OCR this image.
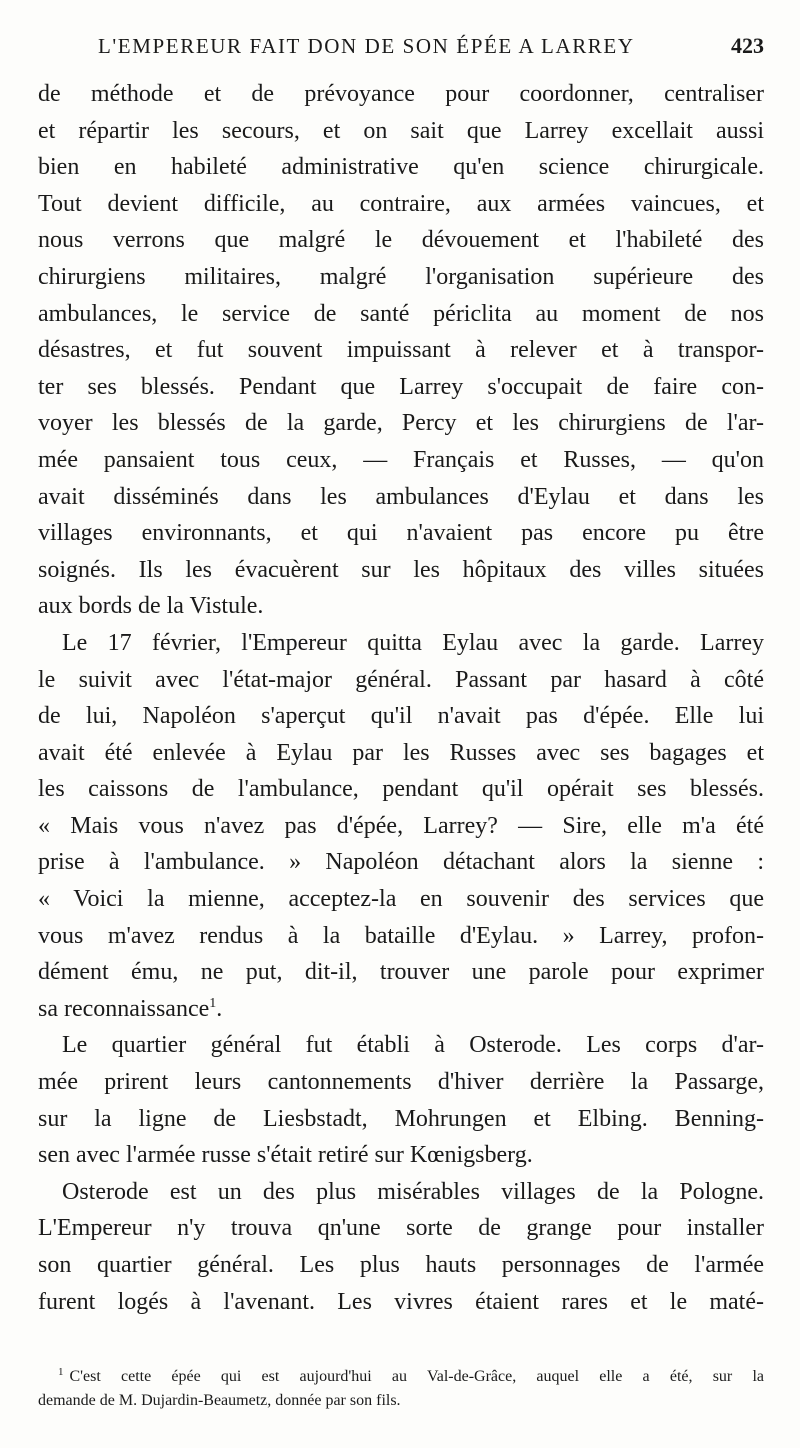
L'EMPEREUR FAIT DON DE SON ÉPÉE A LARREY	423
de méthode et de prévoyance pour coordonner, centraliser
et répartir les secours, et on sait que Larrey excellait aussi
bien en habileté administrative qu'en science chirurgicale.
Tout devient difficile, au contraire, aux armées vaincues, et
nous verrons que malgré le dévouement et l'habileté des
chirurgiens militaires, malgré l'organisation supérieure des
ambulances, le service de santé périclita au moment de nos
désastres, et fut souvent impuissant à relever et à transpor-
ter ses blessés. Pendant que Larrey s'occupait de faire con-
voyer les blessés de la garde, Percy et les chirurgiens de l'ar-
mée pansaient tous ceux, — Français et Russes, — qu'on
avait disséminés dans les ambulances d'Eylau et dans les
villages environnants, et qui n'avaient pas encore pu être
soignés. Ils les évacuèrent sur les hôpitaux des villes situées
aux bords de la Vistule.
Le 17 février, l'Empereur quitta Eylau avec la garde. Larrey
le suivit avec l'état-major général. Passant par hasard à côté
de lui, Napoléon s'aperçut qu'il n'avait pas d'épée. Elle lui
avait été enlevée à Eylau par les Russes avec ses bagages et
les caissons de l'ambulance, pendant qu'il opérait ses blessés.
« Mais vous n'avez pas d'épée, Larrey? — Sire, elle m'a été
prise à l'ambulance. » Napoléon détachant alors la sienne :
« Voici la mienne, acceptez-la en souvenir des services que
vous m'avez rendus à la bataille d'Eylau. » Larrey, profon-
dément ému, ne put, dit-il, trouver une parole pour exprimer
sa reconnaissance$^1$.
Le quartier général fut établi à Osterode. Les corps d'ar-
mée prirent leurs cantonnements d'hiver derrière la Passarge,
sur la ligne de Liesbstadt, Mohrungen et Elbing. Benning-
sen avec l'armée russe s'était retiré sur Kœnigsberg.
Osterode est un des plus misérables villages de la Pologne.
L'Empereur n'y trouva qn'une sorte de grange pour installer
son quartier général. Les plus hauts personnages de l'armée
furent logés à l'avenant. Les vivres étaient rares et le maté-
$^1$ C'est cette épée qui est aujourd'hui au Val-de-Grâce, auquel elle a été, sur la
demande de M. Dujardin-Beaumetz, donnée par son fils.
